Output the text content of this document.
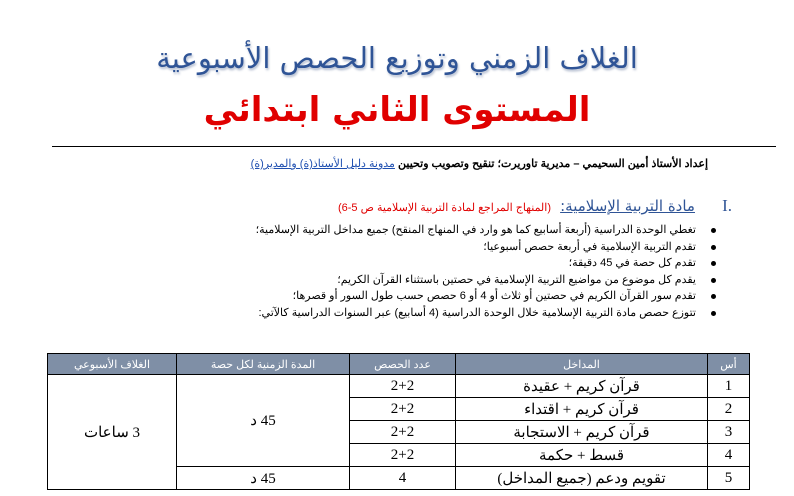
الغلاف الزمني وتوزيع الحصص الأسبوعية
المستوى الثاني ابتدائي
إعداد الأستاذ أمين السحيمي – مديرية تاوريرت؛ تنقيح وتصويب وتحيين مدونة دليل الأستاذ(ة) والمدير(ة)
.I مادة التربية الإسلامية: (المنهاج المراجع لمادة التربية الإسلامية ص 5-6)
تغطي الوحدة الدراسية (أربعة أسابيع كما هو وارد في المنهاج المنقح) جميع مداخل التربية الإسلامية؛
تقدم التربية الإسلامية في أربعة حصص أسبوعيا؛
تقدم كل حصة في 45 دقيقة؛
يقدم كل موضوع من مواضيع التربية الإسلامية في حصتين باستثناء القرآن الكريم؛
تقدم سور القرآن الكريم في حصتين أو ثلاث أو 4 أو 6 حصص حسب طول السور أو قصرها؛
تتوزع حصص مادة التربية الإسلامية خلال الوحدة الدراسية (4 أسابيع) عبر السنوات الدراسية كالآتي:
أس	المداخل	عدد الحصص	المدة الزمنية لكل حصة	الغلاف الأسبوعي
1	قرآن كريم + عقيدة	2+2	45 د	3 ساعات
2	قرآن كريم + اقتداء	2+2		
3	قرآن كريم + الاستجابة	2+2		
4	قسط + حكمة	2+2		
5	تقويم ودعم (جميع المداخل)	4	45 د	
